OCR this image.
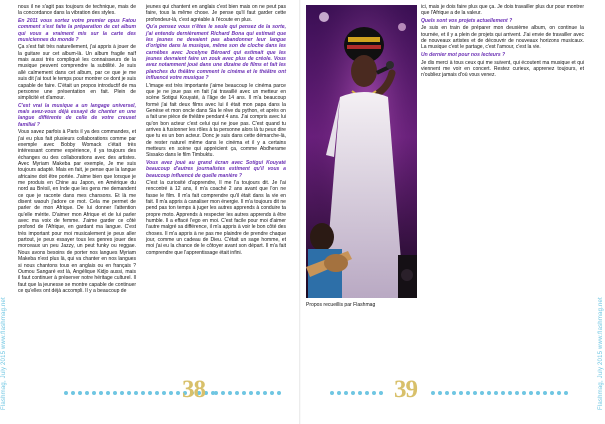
nous il ne s'agit pas toujours de technique, mais de la concordance dans la vibration des styles.

En 2011 vous sortez votre premier opus Fatou comment s'est faite la préparation de cet album qui vous a vraiment mis sur la carte des musiciennes du monde ?

Ça s'est fait très naturellement, j'ai appris à jouer de la guitare sur cet album-là. Un album fragile naïf mais aussi très compliqué les connaisseurs de la musique peuvent comprendre la subtilité. Je suis allé calmement dans cet album, par ce que je me suis dit j'ai tout le temps pour montrer ce dont je suis capable de faire. C'était un propos introductif de ma personne une présentation en fait. Plein de simplicité et d'amour.

C'est vrai la musique a un langage universel, mais avez-vous déjà essayé de chanter en une langue différente de celle de votre creuset familial ?

Vous savez parfois à Paris il ya des commandes, et j'ai eu plus fait plusieurs collaborations comme par exemple avec Bobby Womack c'était très intéressant comme expérience, il ya toujours des échanges ou des collaborations avec des artistes. Avec Myriam Makeba par exemple, Je me suis toujours adapté. Mais en fait, je pense que la langue africaine doit être portée. J'aime bien que lorsque je me produis en Chine au Japon, en Amérique du nord au Brésil, en Inde que les gens me demandent ce que je raconte dans mes chansons. Et là me disent waouh j'adore ce mot. Cela me permet de parler de mon Afrique. De lui donner l'attention qu'elle mérite. D'aimer mon Afrique et de lui parler avec ma voix de femme. J'aime garder ce côté profond de l'Afrique, en gardant ma langue. C'est très important pour moi musicalement je peux aller partout, je peux essayer tous les genres jouer des morceaux un peu Jazzy, un peut funky ou reggae. Nous avons besoins de porter nos langues Myriam Makeba n'est plus là, qui va chanter en nos langues si nous chantons tous en anglais ou en français ? Oumou Sangaré est là, Angélique Kidjo aussi, mais il faut continuer à préserver notre héritage culturel. Il faut que la jeunesse se montre capable de continuer ce qu'elles ont déjà accompli. Il y a beaucoup de

jeunes qui chantent en anglais c'est bien mais on ne peut pas faire, tous la même chose. Je pense qu'il faut garder cette profondeur-là, c'est agréable à l'écoute en plus.

Qu'a pensez vous n'êtes le seule qui pensez de la sorte, j'ai entendu dernièrement Richard Bona qui estimait que les jeunes ne devaient pas abandonner leur langue d'origine dans la musique, même son de cloche dans les carnèbes avec Jocelyne Béroard qui estimait que les jeunes devraient faire un zouk avec plus de créole. Vous avez notamment joué dans une dizaine de films et fait les planches du théâtre comment le cinéma et le théâtre ont influencé votre musique ?

L'image est très importante j'aime beaucoup le cinéma parce que je ne joue pas en fait j'ai travaillé avec un metteur en scène Sotigui Kouyaté, à l'âge de 14 ans. Il m'a beaucoup formé j'ai fait deux films avec lui il était mon papa dans la Genèse et mon oncle dans Sia le rêve du python, et après on a fait une pièce de théâtre pendant 4 ans. J'ai compris avec lui qu'on bon acteur c'est celui qui ne joue pas. C'est quand tu arrives à fusionner les rôles à ta personne alors là tu peux dire que tu es un bon acteur. Donc je suis dans cette démarche-là, de rester naturel même dans le cinéma et il y a certains metteurs en scène qui apprécient ça, comme Abdherame Sissako dans le film Timbuktu.

Vous avez joué au grand écran avec Sotigui Kouyaté beaucoup d'autres journalistes estiment qu'il vous a beaucoup influencé de quelle manière ?

C'est la curiosité d'apprendre, Il me l'a toujours dit. Je l'ai rencontré à 12 ans, il m'a coaché 2 ans avant que l'on ne fasse le film. Il m'a fait comprendre qu'il était dans la vie en fait. Il m'a appris à canaliser mon énergie. Il m'a toujours dit ne pend pas ton temps à juger les autres apprends à conduire ta propre moto. Apprends à respecter les autres apprends à être humble. Il a effacé l'ego en moi. C'est facile pour moi d'aimer l'autre malgré sa différence, il m'a appris à voir le bon côté des choses. Il m'a appris à ne pas me plaindre de prendre chaque jour, comme un cadeau de Dieu. C'était un sage homme, et moi j'ai eu la chance de le côtoyer avant son départ. Il m'a fait comprendre que l'apprentissage était infini.

Propos recueillis par Flashmag

ici, mais je dois faire plus que ça. Je dois travailler plus dur pour montrer que l'Afrique a de la valeur.

Quels sont vos projets actuellement ?

Je suis en train de préparer mon deuxième album, on continue la tournée, et il y a plein de projets qui arrivent. J'ai envie de travailler avec de nouveaux artistes et de découvrir de nouveaux horizons musicaux. La musique c'est le partage, c'est l'amour, c'est la vie.

Un dernier mot pour nos lecteurs ?

Je dis merci à tous ceux qui me suivent, qui écoutent ma musique et qui viennent me voir en concert. Restez curieux, apprenez toujours, et n'oubliez jamais d'où vous venez.

38	39
Flashmag, July 2015 www.flashmag.net	Flashmag, July 2015 www.flashmag.net
